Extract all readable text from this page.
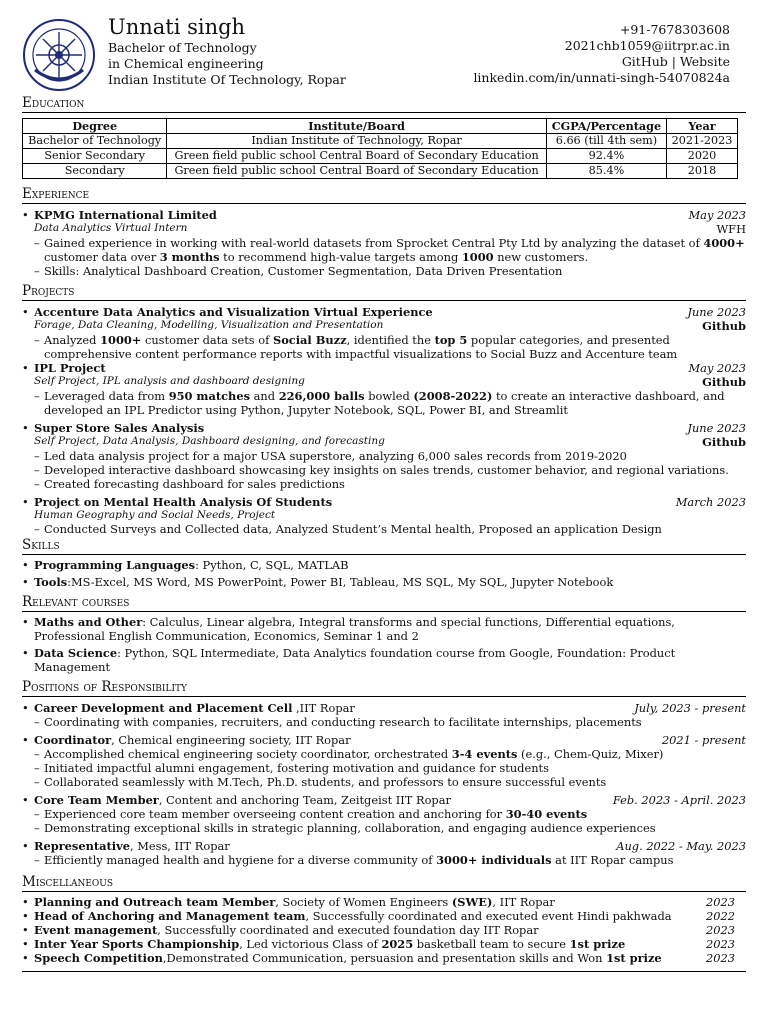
Unnati singh
Bachelor of Technology
in Chemical engineering
Indian Institute Of Technology, Ropar
+91-7678303608
2021chb1059@iitrpr.ac.in
GitHub | Website
linkedin.com/in/unnati-singh-54070824a
Education
Degree	Institute/Board	CGPA/Percentage	Year
Bachelor of Technology	Indian Institute of Technology, Ropar	6.66 (till 4th sem)	2021-2023
Senior Secondary	Green field public school Central Board of Secondary Education	92.4%	2020
Secondary	Green field public school Central Board of Secondary Education	85.4%	2018
Experience
• KPMG International Limited	May 2023
Data Analytics Virtual Intern	WFH
– Gained experience in working with real-world datasets from Sprocket Central Pty Ltd by analyzing the dataset of 4000+ customer data over 3 months to recommend high-value targets among 1000 new customers.
– Skills: Analytical Dashboard Creation, Customer Segmentation, Data Driven Presentation
Projects
• Accenture Data Analytics and Visualization Virtual Experience	June 2023
Forage, Data Cleaning, Modelling, Visualization and Presentation	Github
– Analyzed 1000+ customer data sets of Social Buzz, identified the top 5 popular categories, and presented comprehensive content performance reports with impactful visualizations to Social Buzz and Accenture team
• IPL Project	May 2023
Self Project, IPL analysis and dashboard designing	Github
– Leveraged data from 950 matches and 226,000 balls bowled (2008-2022) to create an interactive dashboard, and developed an IPL Predictor using Python, Jupyter Notebook, SQL, Power BI, and Streamlit
• Super Store Sales Analysis	June 2023
Self Project, Data Analysis, Dashboard designing, and forecasting	Github
– Led data analysis project for a major USA superstore, analyzing 6,000 sales records from 2019-2020
– Developed interactive dashboard showcasing key insights on sales trends, customer behavior, and regional variations.
– Created forecasting dashboard for sales predictions
• Project on Mental Health Analysis Of Students	March 2023
Human Geography and Social Needs, Project
– Conducted Surveys and Collected data, Analyzed Student’s Mental health, Proposed an application Design
Skills
• Programming Languages: Python, C, SQL, MATLAB
• Tools:MS-Excel, MS Word, MS PowerPoint, Power BI, Tableau, MS SQL, My SQL, Jupyter Notebook
Relevant courses
• Maths and Other: Calculus, Linear algebra, Integral transforms and special functions, Differential equations, Professional English Communication, Economics, Seminar 1 and 2
• Data Science: Python, SQL Intermediate, Data Analytics foundation course from Google, Foundation: Product Management
Positions of Responsibility
• Career Development and Placement Cell ,IIT Ropar	July, 2023 - present
– Coordinating with companies, recruiters, and conducting research to facilitate internships, placements
• Coordinator, Chemical engineering society, IIT Ropar	2021 - present
– Accomplished chemical engineering society coordinator, orchestrated 3-4 events (e.g., Chem-Quiz, Mixer)
– Initiated impactful alumni engagement, fostering motivation and guidance for students
– Collaborated seamlessly with M.Tech, Ph.D. students, and professors to ensure successful events
• Core Team Member, Content and anchoring Team, Zeitgeist IIT Ropar	Feb. 2023 - April. 2023
– Experienced core team member overseeing content creation and anchoring for 30-40 events
– Demonstrating exceptional skills in strategic planning, collaboration, and engaging audience experiences
• Representative, Mess, IIT Ropar	Aug. 2022 - May. 2023
– Efficiently managed health and hygiene for a diverse community of 3000+ individuals at IIT Ropar campus
Miscellaneous
• Planning and Outreach team Member, Society of Women Engineers (SWE), IIT Ropar	2023
• Head of Anchoring and Management team, Successfully coordinated and executed event Hindi pakhwada	2022
• Event management, Successfully coordinated and executed foundation day IIT Ropar	2023
• Inter Year Sports Championship, Led victorious Class of 2025 basketball team to secure 1st prize	2023
• Speech Competition,Demonstrated Communication, persuasion and presentation skills and Won 1st prize	2023
